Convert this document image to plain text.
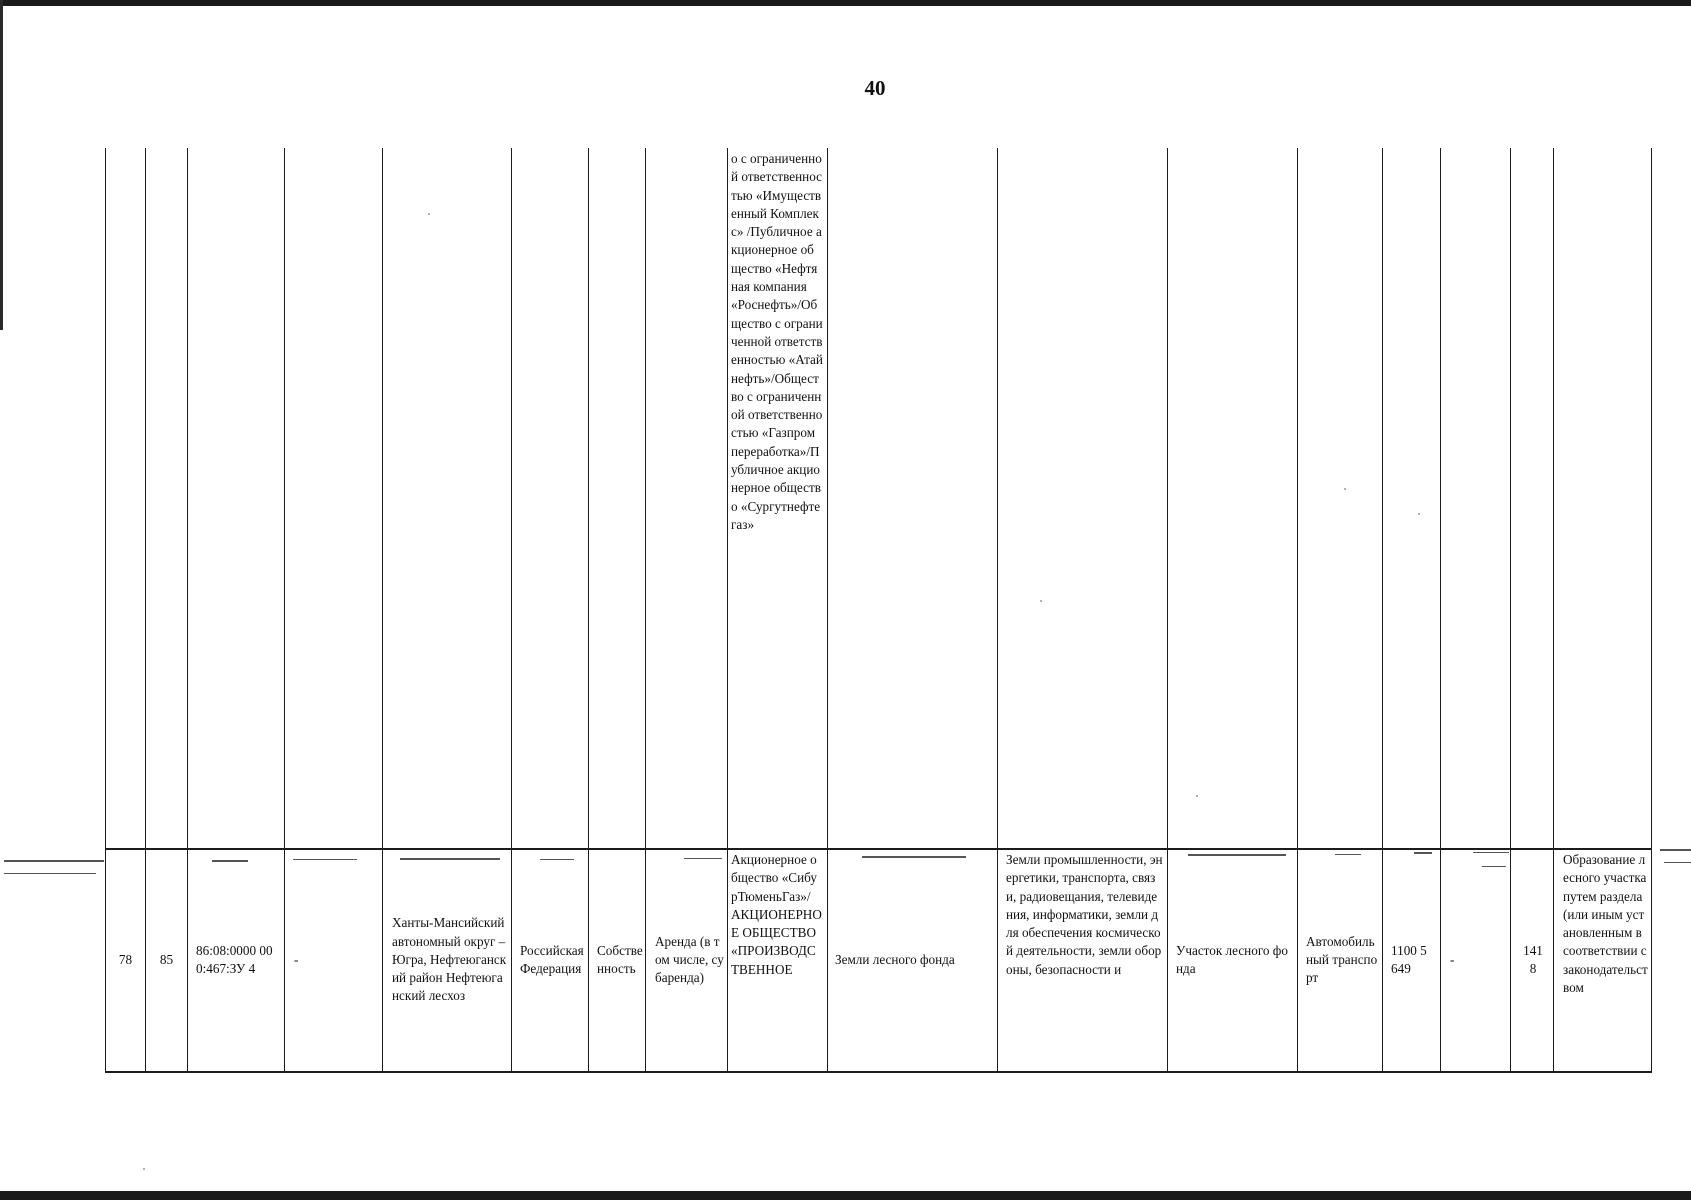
40
о с ограниченной ответственностью «Имущественный Комплекс» /Публичное акционерное общество «Нефтяная компания «Роснефть»/Общество с ограниченной ответственностью «Атайнефть»/Общество с ограниченной ответственностью «Газпром переработка»/Публичное акционерное общество «Сургутнефтегаз»
78	85
86:08:0000 000:467:ЗУ 4
-
Ханты-Мансийский автономный округ – Югра, Нефтеюганский район Нефтеюганский лесхоз
Российская Федерация
Собственность
Аренда (в том числе, субаренда)
Акционерное общество «СибурТюменьГаз»/ АКЦИОНЕРНОЕ ОБЩЕСТВО «ПРОИЗВОДСТВЕННОЕ
Земли лесного фонда
Земли промышленности, энергетики, транспорта, связи, радиовещания, телевидения, информатики, земли для обеспечения космической деятельности, земли обороны, безопасности и
Участок лесного фонда
Автомобильный транспорт
1100 5649
-
1418
Образование лесного участка путем раздела (или иным установленным в соответствии с законодательством
